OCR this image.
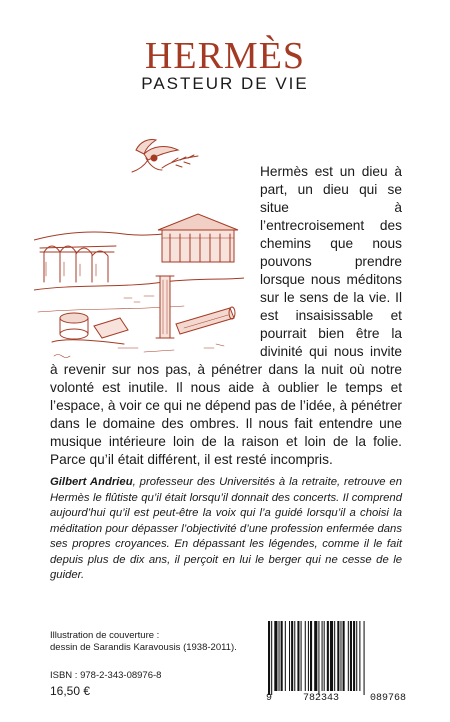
HERMÈS
PASTEUR DE VIE

Hermès est un dieu à part, un dieu qui se situe à l’entrecroisement des chemins que nous pouvons prendre lorsque nous méditons sur le sens de la vie. Il est insaisissable et pourrait bien être la divinité qui nous invite à revenir sur nos pas, à pénétrer dans la nuit où notre volonté est inutile. Il nous aide à oublier le temps et l’espace, à voir ce qui ne dépend pas de l’idée, à pénétrer dans le domaine des ombres. Il nous fait entendre une musique intérieure loin de la raison et loin de la folie. Parce qu’il était différent, il est resté incompris.

Gilbert Andrieu, professeur des Universités à la retraite, retrouve en Hermès le flûtiste qu’il était lorsqu’il donnait des concerts. Il comprend aujourd’hui qu’il est peut-être la voix qui l’a guidé lorsqu’il a choisi la méditation pour dépasser l’objectivité d’une profession enfermée dans ses propres croyances. En dépassant les légendes, comme il le fait depuis plus de dix ans, il perçoit en lui le berger qui ne cesse de le guider.
Illustration de couverture :
dessin de Sarandis Karavousis (1938-2011).
ISBN : 978-2-343-08976-8
16,50 €
9	782343	089768
